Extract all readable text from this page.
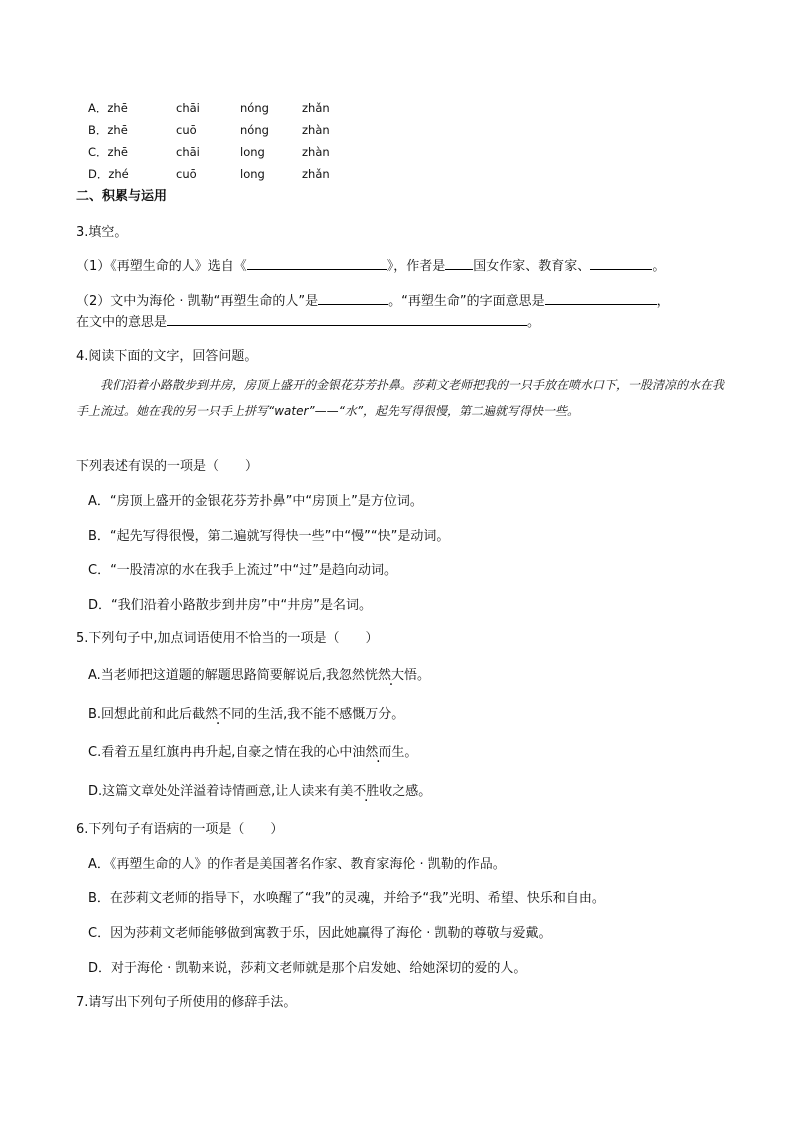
A．zhē	chāi	nóng	zhǎn
B．zhē	cuō	nóng	zhàn
C．zhē	chāi	long	zhàn
D．zhé	cuō	long	zhǎn
二、积累与运用
3.填空。
（1）《再塑生命的人》选自《	》，作者是 国女作家、教育家、	。
（2）文中为海伦 · 凯勒“再塑生命的人”是	。“再塑生命”的字面意思是	，
在文中的意思是	。
4.阅读下面的文字，回答问题。
我们沿着小路散步到井房，房顶上盛开的金银花芬芳扑鼻。莎莉文老师把我的一只手放在喷水口下，一股清凉的水在我手上流过。她在我的另一只手上拼写“water”——“水”，起先写得很慢，第二遍就写得快一些。
下列表述有误的一项是（　　）
A．“房顶上盛开的金银花芬芳扑鼻”中“房顶上”是方位词。
B．“起先写得很慢，第二遍就写得快一些”中“慢”“快”是动词。
C．“一股清凉的水在我手上流过”中“过”是趋向动词。
D．“我们沿着小路散步到井房”中“井房”是名词。
5.下列句子中,加点词语使用不恰当的一项是（　　）
A.当老师把这道题的解题思路简要解说后,我忽然恍然大悟。
B.回想此前和此后截然不同的生活,我不能不感慨万分。
C.看着五星红旗冉冉升起,自豪之情在我的心中油然而生。
D.这篇文章处处洋溢着诗情画意,让人读来有美不胜收之感。
6.下列句子有语病的一项是（　　）
A．《再塑生命的人》的作者是美国著名作家、教育家海伦 · 凯勒的作品。
B．在莎莉文老师的指导下，水唤醒了“我”的灵魂，并给予“我”光明、希望、快乐和自由。
C．因为莎莉文老师能够做到寓教于乐，因此她赢得了海伦 · 凯勒的尊敬与爱戴。
D．对于海伦 · 凯勒来说，莎莉文老师就是那个启发她、给她深切的爱的人。
7.请写出下列句子所使用的修辞手法。
